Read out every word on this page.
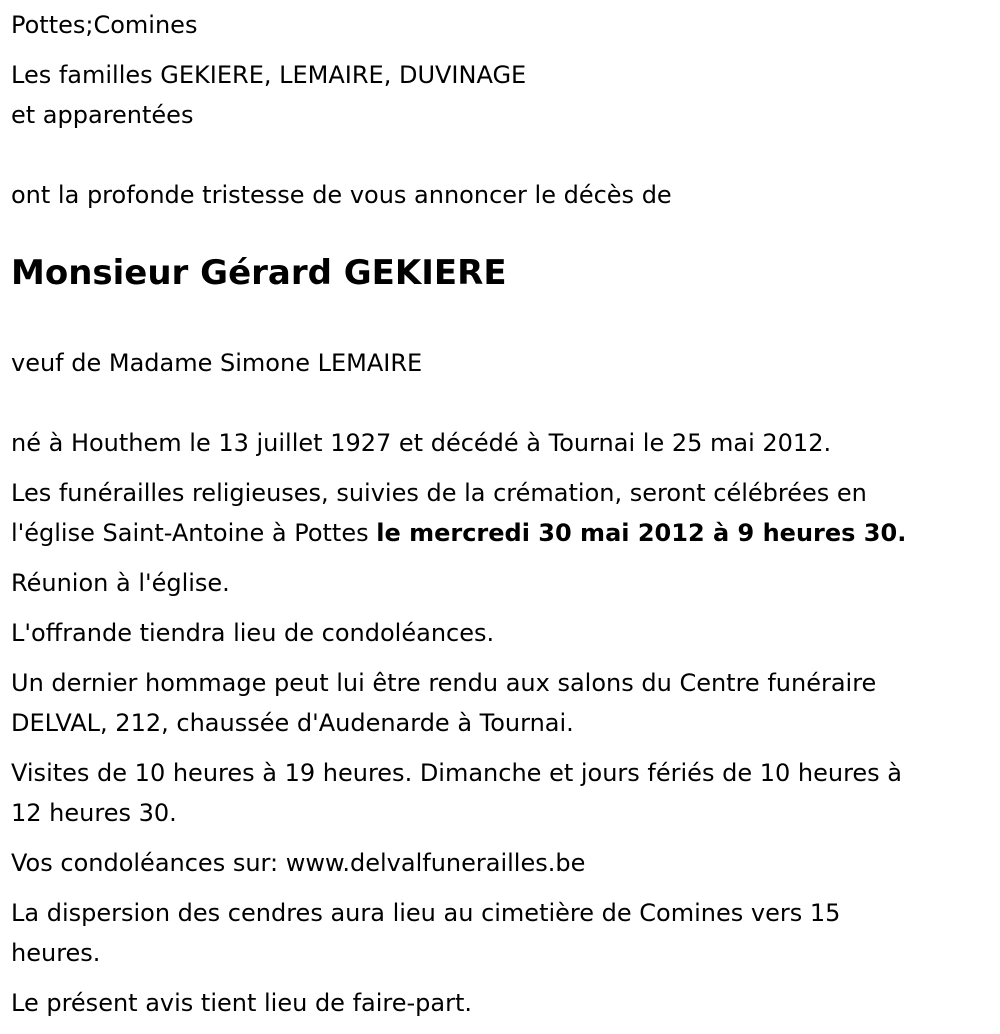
Pottes;Comines

Les familles GEKIERE, LEMAIRE, DUVINAGE

et apparentées

ont la profonde tristesse de vous annoncer le décès de

Monsieur Gérard GEKIERE

veuf de Madame Simone LEMAIRE

né à Houthem le 13 juillet 1927 et décédé à Tournai le 25 mai 2012.

Les funérailles religieuses, suivies de la crémation, seront célébrées en
l'église Saint-Antoine à Pottes le mercredi 30 mai 2012 à 9 heures 30.

Réunion à l'église.

L'offrande tiendra lieu de condoléances.

Un dernier hommage peut lui être rendu aux salons du Centre funéraire
DELVAL, 212, chaussée d'Audenarde à Tournai.

Visites de 10 heures à 19 heures. Dimanche et jours fériés de 10 heures à
12 heures 30.

Vos condoléances sur: www.delvalfunerailles.be

La dispersion des cendres aura lieu au cimetière de Comines vers 15
heures.

Le présent avis tient lieu de faire-part.
